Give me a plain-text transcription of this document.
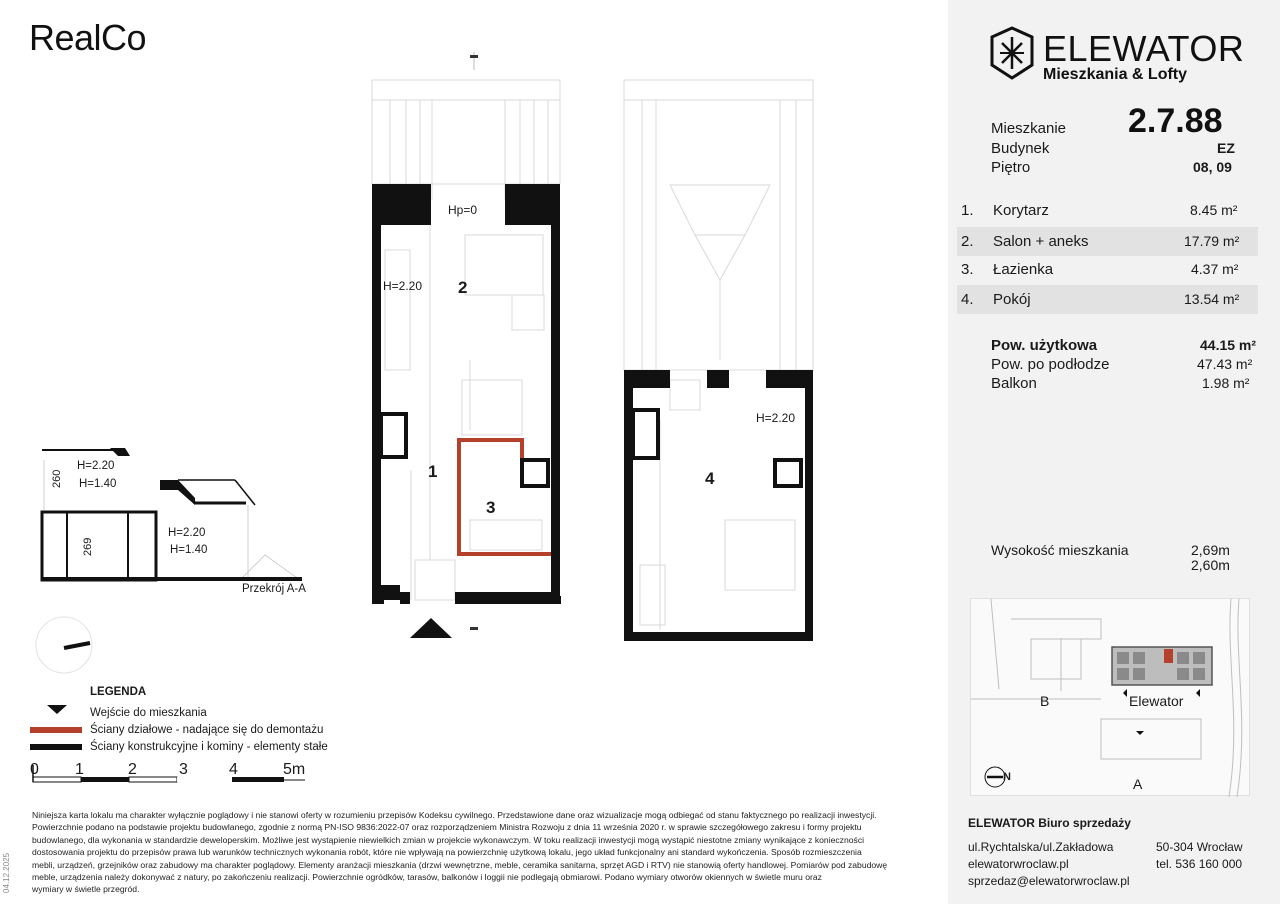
RealCo
Hp=0
H=2.20
H=2.20
2
1
3
4
H=2.20
H=1.40
260
269
H=2.20
H=1.40
Przekrój A-A
LEGENDA
Wejście do mieszkania
Ściany działowe - nadające się do demontażu
Ściany konstrukcyjne i kominy - elementy stałe
0 1	2	3	4	5m
04.12.2025
Niniejsza karta lokalu ma charakter wyłącznie poglądowy i nie stanowi oferty w rozumieniu przepisów Kodeksu cywilnego. Przedstawione dane oraz wizualizacje mogą odbiegać od stanu faktycznego po realizacji inwestycji.
Powierzchnie podano na podstawie projektu budowlanego, zgodnie z normą PN-ISO 9836:2022-07 oraz rozporządzeniem Ministra Rozwoju z dnia 11 września 2020 r. w sprawie szczegółowego zakresu i formy projektu
budowlanego, dla wykonania w standardzie deweloperskim. Możliwe jest wystąpienie niewielkich zmian w projekcie wykonawczym. W toku realizacji inwestycji mogą wystąpić niestotne zmiany wynikające z konieczności
dostosowania projektu do przepisów prawa lub warunków technicznych wykonania robót, które nie wpływają na powierzchnię użytkową lokalu, jego układ funkcjonalny ani standard wykończenia. Sposób rozmieszczenia
mebli, urządzeń, grzejników oraz zabudowy ma charakter poglądowy. Elementy aranżacji mieszkania (drzwi wewnętrzne, meble, ceramika sanitarna, sprzęt AGD i RTV) nie stanowią oferty handlowej. Pomiarów pod zabudowę
meble, urządzenia należy dokonywać z natury, po zakończeniu realizacji. Powierzchnie ogródków, tarasów, balkonów i loggii nie podlegają obmiarowi. Podano wymiary otworów okiennych w świetle muru oraz
wymiary w świetle przegród.
ELEWATOR
Mieszkania & Lofty
Mieszkanie 2.7.88
Budynek	EZ
Piętro	08, 09
1. Korytarz	8.45 m²
2. Salon + aneks	17.79 m²
3. Łazienka	4.37 m²
4. Pokój	13.54 m²
Pow. użytkowa	44.15 m²
Pow. po podłodze	47.43 m²
Balkon	1.98 m²
Wysokość mieszkania	2,69m
2,60m
B	Elewator
A
N
ELEWATOR Biuro sprzedaży
ul.Rychtalska/ul.Zakładowa	50-304 Wrocław
elewatorwroclaw.pl	tel. 536 160 000
sprzedaz@elewatorwroclaw.pl
